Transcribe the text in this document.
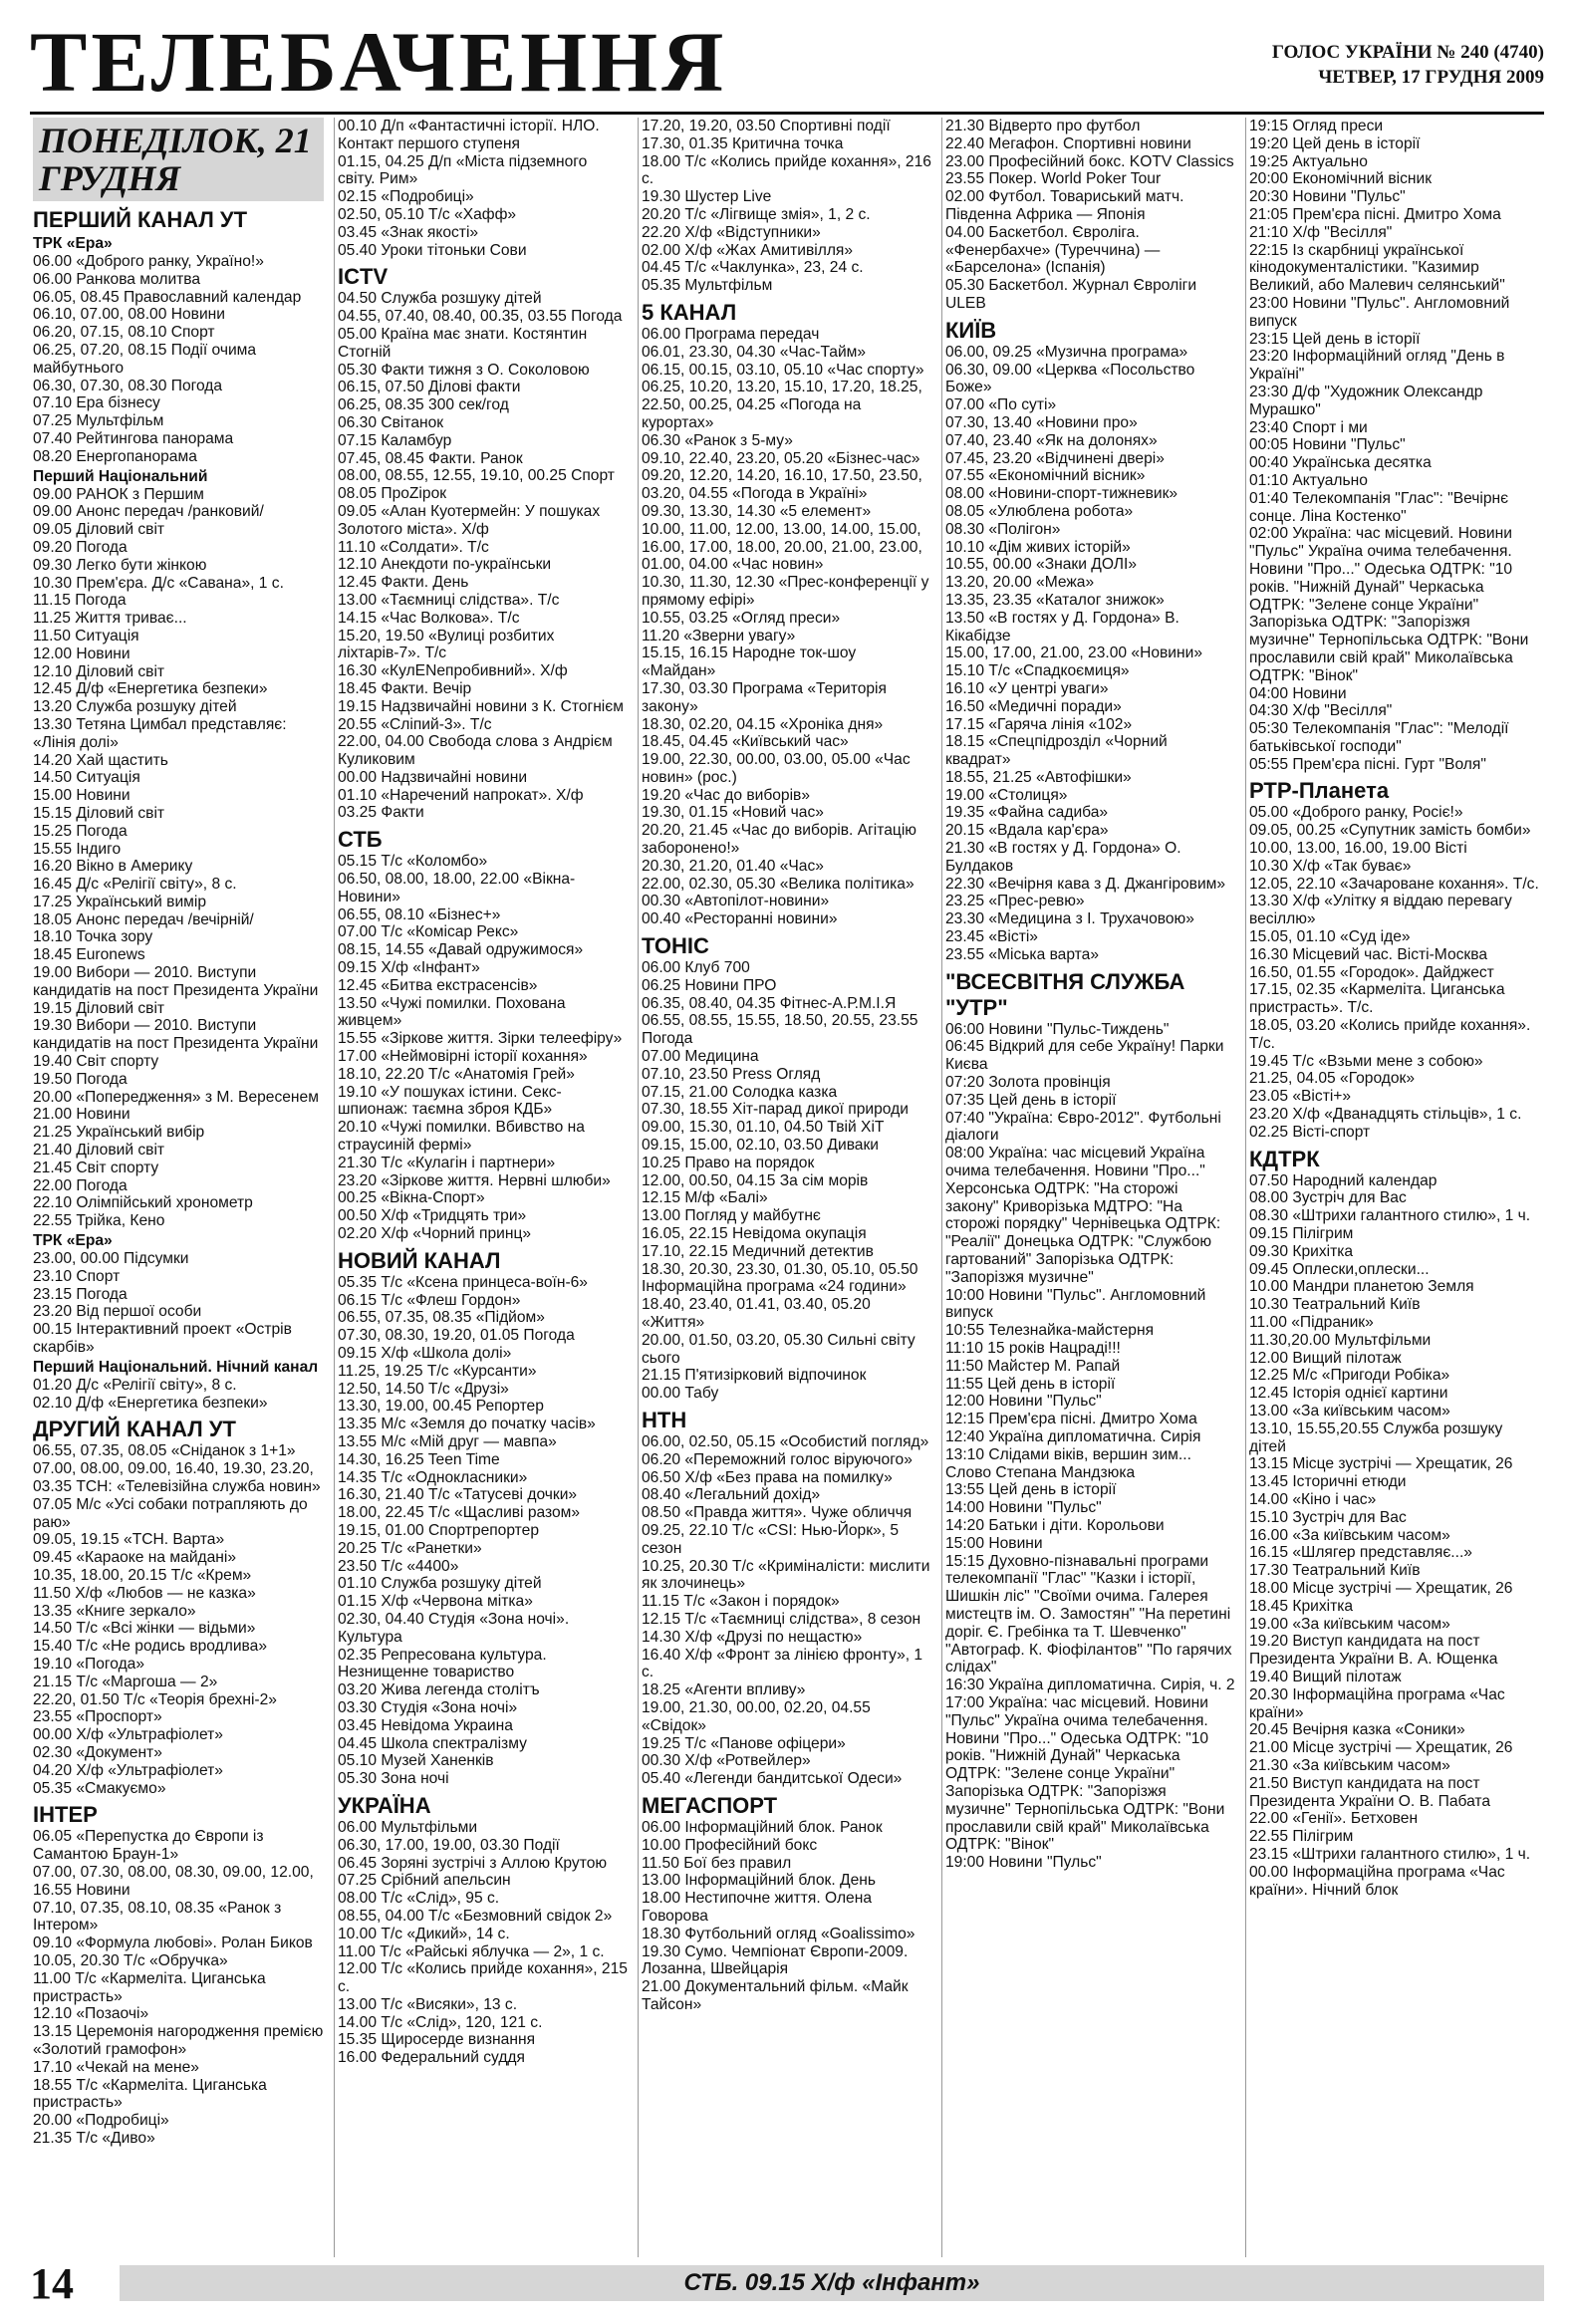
ТЕЛЕБАЧЕННЯ	ГОЛОС УКРАЇНИ № 240 (4740)
ЧЕТВЕР, 17 ГРУДНЯ 2009
ПОНЕДІЛОК, 21 ГРУДНЯ
ПЕРШИЙ КАНАЛ УТ
ТРК «Ера»
06.00 «Доброго ранку, Україно!»
06.00 Ранкова молитва
06.05, 08.45 Православний календар
06.10, 07.00, 08.00 Новини
06.20, 07.15, 08.10 Спорт
06.25, 07.20, 08.15 Події очима майбутнього
06.30, 07.30, 08.30 Погода
07.10 Ера бізнесу
07.25 Мультфільм
07.40 Рейтингова панорама
08.20 Енергопанорама
Перший Національний
09.00 РАНОК з Першим
09.00 Анонс передач /ранковий/
09.05 Діловий світ
09.20 Погода
09.30 Легко бути жінкою
10.30 Прем'єра. Д/с «Савана», 1 с.
11.15 Погода
11.25 Життя триває...
11.50 Ситуація
12.00 Новини
12.10 Діловий світ
12.45 Д/ф «Енергетика безпеки»
13.20 Служба розшуку дітей
13.30 Тетяна Цимбал представляє: «Лінія долі»
14.20 Хай щастить
14.50 Ситуація
15.00 Новини
15.15 Діловий світ
15.25 Погода
15.55 Індиго
16.20 Вікно в Америку
16.45 Д/с «Релігії світу», 8 с.
17.25 Український вимір
18.05 Анонс передач /вечірній/
18.10 Точка зору
18.45 Euronews
19.00 Вибори — 2010. Виступи кандидатів на пост Президента України
19.15 Діловий світ
19.30 Вибори — 2010. Виступи кандидатів на пост Президента України
19.40 Світ спорту
19.50 Погода
20.00 «Попередження» з М. Вересенем
21.00 Новини
21.25 Український вибір
21.40 Діловий світ
21.45 Світ спорту
22.00 Погода
22.10 Олімпійський хронометр
22.55 Трійка, Кено
ТРК «Ера»
23.00, 00.00 Підсумки
23.10 Спорт
23.15 Погода
23.20 Від першої особи
00.15 Інтерактивний проект «Острів скарбів»
Перший Національний. Нічний канал
01.20 Д/с «Релігії світу», 8 с.
02.10 Д/ф «Енергетика безпеки»
ДРУГИЙ КАНАЛ УТ
06.55, 07.35, 08.05 «Сніданок з 1+1»
07.00, 08.00, 09.00, 16.40, 19.30, 23.20, 03.35 ТСН: «Телевізійна служба новин»
07.05 М/с «Усі собаки потрапляють до раю»
09.05, 19.15 «ТСН. Варта»
09.45 «Караоке на майдані»
10.35, 18.00, 20.15 Т/с «Крем»
11.50 Х/ф «Любов — не казка»
13.35 «Книге зеркало»
14.50 Т/с «Всі жінки — відьми»
15.40 Т/с «Не родись вродлива»
19.10 «Погода»
21.15 Т/с «Маргоша — 2»
22.20, 01.50 Т/с «Теорія брехні-2»
23.55 «Проспорт»
00.00 Х/ф «Ультрафіолет»
02.30 «Документ»
04.20 Х/ф «Ультрафіолет»
05.35 «Смакуємо»
ІНТЕР
06.05 «Перепустка до Європи із Самантою Браун-1»
07.00, 07.30, 08.00, 08.30, 09.00, 12.00, 16.55 Новини
07.10, 07.35, 08.10, 08.35 «Ранок з Інтером»
09.10 «Формула любові». Ролан Биков
10.05, 20.30 Т/с «Обручка»
11.00 Т/с «Кармеліта. Циганська пристрасть»
12.10 «Позаочі»
13.15 Церемонія нагородження премією «Золотий грамофон»
17.10 «Чекай на мене»
18.55 Т/с «Кармеліта. Циганська пристрасть»
20.00 «Подробиці»
21.35 Т/с «Диво»
00.10 Д/п «Фантастичні історії. НЛО. Контакт першого ступеня
01.15, 04.25 Д/п «Міста підземного світу. Рим»
02.15 «Подробиці»
02.50, 05.10 Т/с «Хафф»
03.45 «Знак якості»
05.40 Уроки тітоньки Сови
ICTV
04.50 Служба розшуку дітей
04.55, 07.40, 08.40, 00.35, 03.55 Погода
05.00 Країна має знати. Костянтин Стогній
05.30 Факти тижня з О. Соколовою
06.15, 07.50 Ділові факти
06.25, 08.35 300 сек/год
06.30 Світанок
07.15 Каламбур
07.45, 08.45 Факти. Ранок
08.00, 08.55, 12.55, 19.10, 00.25 Спорт
08.05 ПроZірок
09.05 «Алан Куотермейн: У пошуках Золотого міста». Х/ф
11.10 «Солдати». Т/с
12.10 Анекдоти по-українськи
12.45 Факти. День
13.00 «Таємниці слідства». Т/с
14.15 «Час Волкова». Т/с
15.20, 19.50 «Вулиці розбитих ліхтарів-7». Т/с
16.30 «КулENепробивний». Х/ф
18.45 Факти. Вечір
19.15 Надзвичайні новини з К. Стогнієм
20.55 «Сліпий-3». Т/с
22.00, 04.00 Свобода слова з Андрієм Куликовим
00.00 Надзвичайні новини
01.10 «Наречений напрокат». Х/ф
03.25 Факти
СТБ
05.15 Т/с «Коломбо»
06.50, 08.00, 18.00, 22.00 «Вікна-Новини»
06.55, 08.10 «Бізнес+»
07.00 Т/с «Комісар Рекс»
08.15, 14.55 «Давай одружимося»
09.15 Х/ф «Інфант»
12.45 «Битва екстрасенсів»
13.50 «Чужі помилки. Похована живцем»
15.55 «Зіркове життя. Зірки телеефіру»
17.00 «Неймовірні історії кохання»
18.10, 22.20 Т/с «Анатомія Грей»
19.10 «У пошуках істини. Секс-шпионаж: таємна зброя КДБ»
20.10 «Чужі помилки. Вбивство на страусиній фермі»
21.30 Т/с «Кулагін і партнери»
23.20 «Зіркове життя. Нервні шлюби»
00.25 «Вікна-Спорт»
00.50 Х/ф «Тридцять три»
02.20 Х/ф «Чорний принц»
НОВИЙ КАНАЛ
05.35 Т/с «Ксена принцеса-воїн-6»
06.15 Т/с «Флеш Гордон»
06.55, 07.35, 08.35 «Підйом»
07.30, 08.30, 19.20, 01.05 Погода
09.15 Х/ф «Школа долі»
11.25, 19.25 Т/с «Курсанти»
12.50, 14.50 Т/с «Друзі»
13.30, 19.00, 00.45 Репортер
13.35 М/с «Земля до початку часів»
13.55 М/с «Мій друг — мавпа»
14.30, 16.25 Teen Time
14.35 Т/с «Однокласники»
16.30, 21.40 Т/с «Татусеві дочки»
18.00, 22.45 Т/с «Щасливі разом»
19.15, 01.00 Спортрепортер
20.25 Т/с «Ранетки»
23.50 Т/с «4400»
01.10 Служба розшуку дітей
01.15 Х/ф «Червона мітка»
02.30, 04.40 Студія «Зона ночі». Культура
02.35 Репресована культура. Незнищенне товариство
03.20 Жива легенда столітъ
03.30 Студія «Зона ночі»
03.45 Невідома Украина
04.45 Школа спектралізму
05.10 Музей Ханенків
05.30 Зона ночі
УКРАЇНА
06.00 Мультфільми
06.30, 17.00, 19.00, 03.30 Події
06.45 Зоряні зустрічі з Аллою Крутою
07.25 Срібний апельсин
08.00 Т/с «Слід», 95 с.
08.55, 04.00 Т/с «Безмовний свідок 2»
10.00 Т/с «Дикий», 14 с.
11.00 Т/с «Райські яблучка — 2», 1 с.
12.00 Т/с «Колись прийде кохання», 215 с.
13.00 Т/с «Висяки», 13 с.
14.00 Т/с «Слід», 120, 121 с.
15.35 Щиросерде визнання
16.00 Федеральний суддя
17.20, 19.20, 03.50 Спортивні події
17.30, 01.35 Критична точка
18.00 Т/с «Колись прийде кохання», 216 с.
19.30 Шустер Live
20.20 Т/с «Лігвище змія», 1, 2 с.
22.20 Х/ф «Відступники»
02.00 Х/ф «Жах Амитивілля»
04.45 Т/с «Чаклунка», 23, 24 с.
05.35 Мультфільм
5 КАНАЛ
06.00 Програма передач
06.01, 23.30, 04.30 «Час-Тайм»
06.15, 00.15, 03.10, 05.10 «Час спорту»
06.25, 10.20, 13.20, 15.10, 17.20, 18.25, 22.50, 00.25, 04.25 «Погода на курортах»
06.30 «Ранок з 5-му»
09.10, 22.40, 23.20, 05.20 «Бізнес-час»
09.20, 12.20, 14.20, 16.10, 17.50, 23.50, 03.20, 04.55 «Погода в Україні»
09.30, 13.30, 14.30 «5 елемент»
10.00, 11.00, 12.00, 13.00, 14.00, 15.00, 16.00, 17.00, 18.00, 20.00, 21.00, 23.00, 01.00, 04.00 «Час новин»
10.30, 11.30, 12.30 «Прес-конференції у прямому ефірі»
10.55, 03.25 «Огляд преси»
11.20 «Зверни увагу»
15.15, 16.15 Народне ток-шоу «Майдан»
17.30, 03.30 Програма «Територія закону»
18.30, 02.20, 04.15 «Хроніка дня»
18.45, 04.45 «Київський час»
19.00, 22.30, 00.00, 03.00, 05.00 «Час новин» (рос.)
19.20 «Час до виборів»
19.30, 01.15 «Новий час»
20.20, 21.45 «Час до виборів. Агітацію заборонено!»
20.30, 21.20, 01.40 «Час»
22.00, 02.30, 05.30 «Велика політика»
00.30 «Автопілот-новини»
00.40 «Ресторанні новини»
ТОНІС
06.00 Клуб 700
06.25 Новини ПРО
06.35, 08.40, 04.35 Фітнес-А.Р.М.І.Я
06.55, 08.55, 15.55, 18.50, 20.55, 23.55 Погода
07.00 Медицина
07.10, 23.50 Press Огляд
07.15, 21.00 Солодка казка
07.30, 18.55 Хіт-парад дикої природи
09.00, 15.30, 01.10, 04.50 Твій ХіТ
09.15, 15.00, 02.10, 03.50 Диваки
10.25 Право на порядок
12.00, 00.50, 04.15 За сім морів
12.15 М/ф «Балі»
13.00 Погляд у майбутнє
16.05, 22.15 Невідома окупація
17.10, 22.15 Медичний детектив
18.30, 20.30, 23.30, 01.30, 05.10, 05.50 Інформаційна програма «24 години»
18.40, 23.40, 01.41, 03.40, 05.20 «Життя»
20.00, 01.50, 03.20, 05.30 Сильні світу сього
21.15 П'ятизірковий відпочинок
00.00 Табу
НТН
06.00, 02.50, 05.15 «Особистий погляд»
06.20 «Переможний голос віруючого»
06.50 Х/ф «Без права на помилку»
08.40 «Легальний дохід»
08.50 «Правда життя». Чуже обличчя
09.25, 22.10 Т/с «CSI: Нью-Йорк», 5 сезон
10.25, 20.30 Т/с «Криміналісти: мислити як злочинець»
11.15 Т/с «Закон і порядок»
12.15 Т/с «Таємниці слідства», 8 сезон
14.30 Х/ф «Друзі по нещастю»
16.40 Х/ф «Фронт за лінією фронту», 1 с.
18.25 «Агенти впливу»
19.00, 21.30, 00.00, 02.20, 04.55 «Свідок»
19.25 Т/с «Панове офіцери»
00.30 Х/ф «Ротвейлер»
05.40 «Легенди бандитської Одеси»
МЕГАСПОРТ
06.00 Інформаційний блок. Ранок
10.00 Професійний бокс
11.50 Бої без правил
13.00 Інформаційний блок. День
18.00 Нестипочне життя. Олена Говорова
18.30 Футбольний огляд «Goalissimo»
19.30 Сумо. Чемпіонат Європи-2009. Лозанна, Швейцарія
21.00 Документальний фільм. «Майк Тайсон»
21.30 Відверто про футбол
22.40 Мегафон. Спортивні новини
23.00 Професійний бокс. KOTV Classics
23.55 Покер. World Poker Tour
02.00 Футбол. Товариський матч. Південна Африка — Японія
04.00 Баскетбол. Євроліга. «Фенербахче» (Туреччина) — «Барселона» (Іспанія)
05.30 Баскетбол. Журнал Євроліги ULEB
КИЇВ
06.00, 09.25 «Музична програма»
06.30, 09.00 «Церква «Посольство Боже»
07.00 «По суті»
07.30, 13.40 «Новини про»
07.40, 23.40 «Як на долонях»
07.45, 23.20 «Відчинені двері»
07.55 «Економічний вісник»
08.00 «Новини-спорт-тижневик»
08.05 «Улюблена робота»
08.30 «Полігон»
10.10 «Дім живих історій»
10.55, 00.00 «Знаки ДОЛІ»
13.20, 20.00 «Межа»
13.35, 23.35 «Каталог знижок»
13.50 «В гостях у Д. Гордона» В. Кікабідзе
15.00, 17.00, 21.00, 23.00 «Новини»
15.10 Т/с «Спадкоємиця»
16.10 «У центрі уваги»
16.50 «Медичні поради»
17.15 «Гаряча лінія «102»
18.15 «Спецпідрозділ «Чорний квадрат»
18.55, 21.25 «Автофішки»
19.00 «Столиця»
19.35 «Файна садиба»
20.15 «Вдала кар'єра»
21.30 «В гостях у Д. Гордона» О. Булдаков
22.30 «Вечірня кава з Д. Джангіровим»
23.25 «Прес-ревю»
23.30 «Медицина з І. Трухачовою»
23.45 «Вісті»
23.55 «Міська варта»
"ВСЕСВІТНЯ СЛУЖБА "УТР"
06:00 Новини "Пульс-Тиждень"
06:45 Відкрий для себе Україну! Парки Києва
07:20 Золота провінція
07:35 Цей день в історії
07:40 "Україна: Євро-2012". Футбольні діалоги
08:00 Україна: час місцевий Україна очима телебачення. Новини "Про..." Херсонська ОДТРК: "На сторожі закону" Криворізька МДТРО: "На сторожі порядку" Чернівецька ОДТРК: "Реалії" Донецька ОДТРК: "Службою гартований" Запорізька ОДТРК: "Запорізжя музичне"
10:00 Новини "Пульс". Англомовний випуск
10:55 Телезнайка-майстерня
11:10 15 років Нацраді!!!
11:50 Майстер М. Рапай
11:55 Цей день в історії
12:00 Новини "Пульс"
12:15 Прем'єра пісні. Дмитро Хома
12:40 Україна дипломатична. Сирія
13:10 Слідами віків, вершин зим... Слово Степана Мандзюка
13:55 Цей день в історії
14:00 Новини "Пульс"
14:20 Батьки і діти. Корольови
15:00 Новини
15:15 Духовно-пізнавальні програми телекомпанії "Глас" "Казки і історії, Шишкін ліс" "Своїми очима. Галерея мистецтв ім. О. Замостян" "На перетині доріг. Є. Гребінка та Т. Шевченко" "Автограф. К. Фіофілантов" "По гарячих слідах"
16:30 Україна дипломатична. Сирія, ч. 2
17:00 Україна: час місцевий. Новини "Пульс" Україна очима телебачення. Новини "Про..." Одеська ОДТРК: "10 років. "Нижній Дунай" Черкаська ОДТРК: "Зелене сонце України" Запорізька ОДТРК: "Запорізжя музичне" Тернопільська ОДТРК: "Вони прославили свій край" Миколаївська ОДТРК: "Вінок"
19:00 Новини "Пульс"
19:15 Огляд преси
19:20 Цей день в історії
19:25 Актуально
20:00 Економічний вісник
20:30 Новини "Пульс"
21:05 Прем'єра пісні. Дмитро Хома
21:10 Х/ф "Весілля"
22:15 Із скарбниці української кінодокументалістики. "Казимир Великий, або Малевич селянський"
23:00 Новини "Пульс". Англомовний випуск
23:15 Цей день в історії
23:20 Інформаційний огляд "День в Україні"
23:30 Д/ф "Художник Олександр Мурашко"
23:40 Спорт і ми
00:05 Новини "Пульс"
00:40 Українська десятка
01:10 Актуально
01:40 Телекомпанія "Глас": "Вечірнє сонце. Ліна Костенко"
02:00 Україна: час місцевий. Новини "Пульс" Україна очима телебачення. Новини "Про..." Одеська ОДТРК: "10 років. "Нижній Дунай" Черкаська ОДТРК: "Зелене сонце України" Запорізька ОДТРК: "Запорізжя музичне" Тернопільська ОДТРК: "Вони прославили свій край" Миколаївська ОДТРК: "Вінок"
04:00 Новини
04:30 Х/ф "Весілля"
05:30 Телекомпанія "Глас": "Мелодії батьківської господи"
05:55 Прем'єра пісні. Гурт "Воля"
РТР-Планета
05.00 «Доброго ранку, Росіє!»
09.05, 00.25 «Супутник замість бомби»
10.00, 13.00, 16.00, 19.00 Вісті
10.30 Х/ф «Так буває»
12.05, 22.10 «Зачароване кохання». Т/с.
13.30 Х/ф «Улітку я віддаю перевагу весіллю»
15.05, 01.10 «Суд іде»
16.30 Місцевий час. Вісті-Москва
16.50, 01.55 «Городок». Дайджест
17.15, 02.35 «Кармеліта. Циганська пристрасть». Т/с.
18.05, 03.20 «Колись прийде кохання». Т/с.
19.45 Т/с «Взьми мене з собою»
21.25, 04.05 «Городок»
23.05 «Вісті+»
23.20 Х/ф «Дванадцять стільців», 1 с.
02.25 Вісті-спорт
КДТРК
07.50 Народний календар
08.00 Зустріч для Вас
08.30 «Штрихи галантного стилю», 1 ч.
09.15 Пілігрим
09.30 Крихітка
09.45 Оплески,оплески...
10.00 Мандри планетою Земля
10.30 Театральний Київ
11.00 «Підраник»
11.30,20.00 Мультфільми
12.00 Вищий пілотаж
12.25 М/с «Пригоди Робіка»
12.45 Історія однієї картини
13.00 «За київським часом»
13.10, 15.55,20.55 Служба розшуку дітей
13.15 Місце зустрічі — Хрещатик, 26
13.45 Історичні етюди
14.00 «Кіно і час»
15.10 Зустріч для Вас
16.00 «За київським часом»
16.15 «Шлягер представляє...»
17.30 Театральний Київ
18.00 Місце зустрічі — Хрещатик, 26
18.45 Крихітка
19.00 «За київським часом»
19.20 Виступ кандидата на пост Президента України В. А. Ющенка
19.40 Вищий пілотаж
20.30 Інформаційна програма «Час країни»
20.45 Вечірня казка «Соники»
21.00 Місце зустрічі — Хрещатик, 26
21.30 «За київським часом»
21.50 Виступ кандидата на пост Президента України О. В. Пабата
22.00 «Генії». Бетховен
22.55 Пілігрим
23.15 «Штрихи галантного стилю», 1 ч.
00.00 Інформаційна програма «Час країни». Нічний блок
14	СТБ. 09.15 Х/ф «Інфант»
